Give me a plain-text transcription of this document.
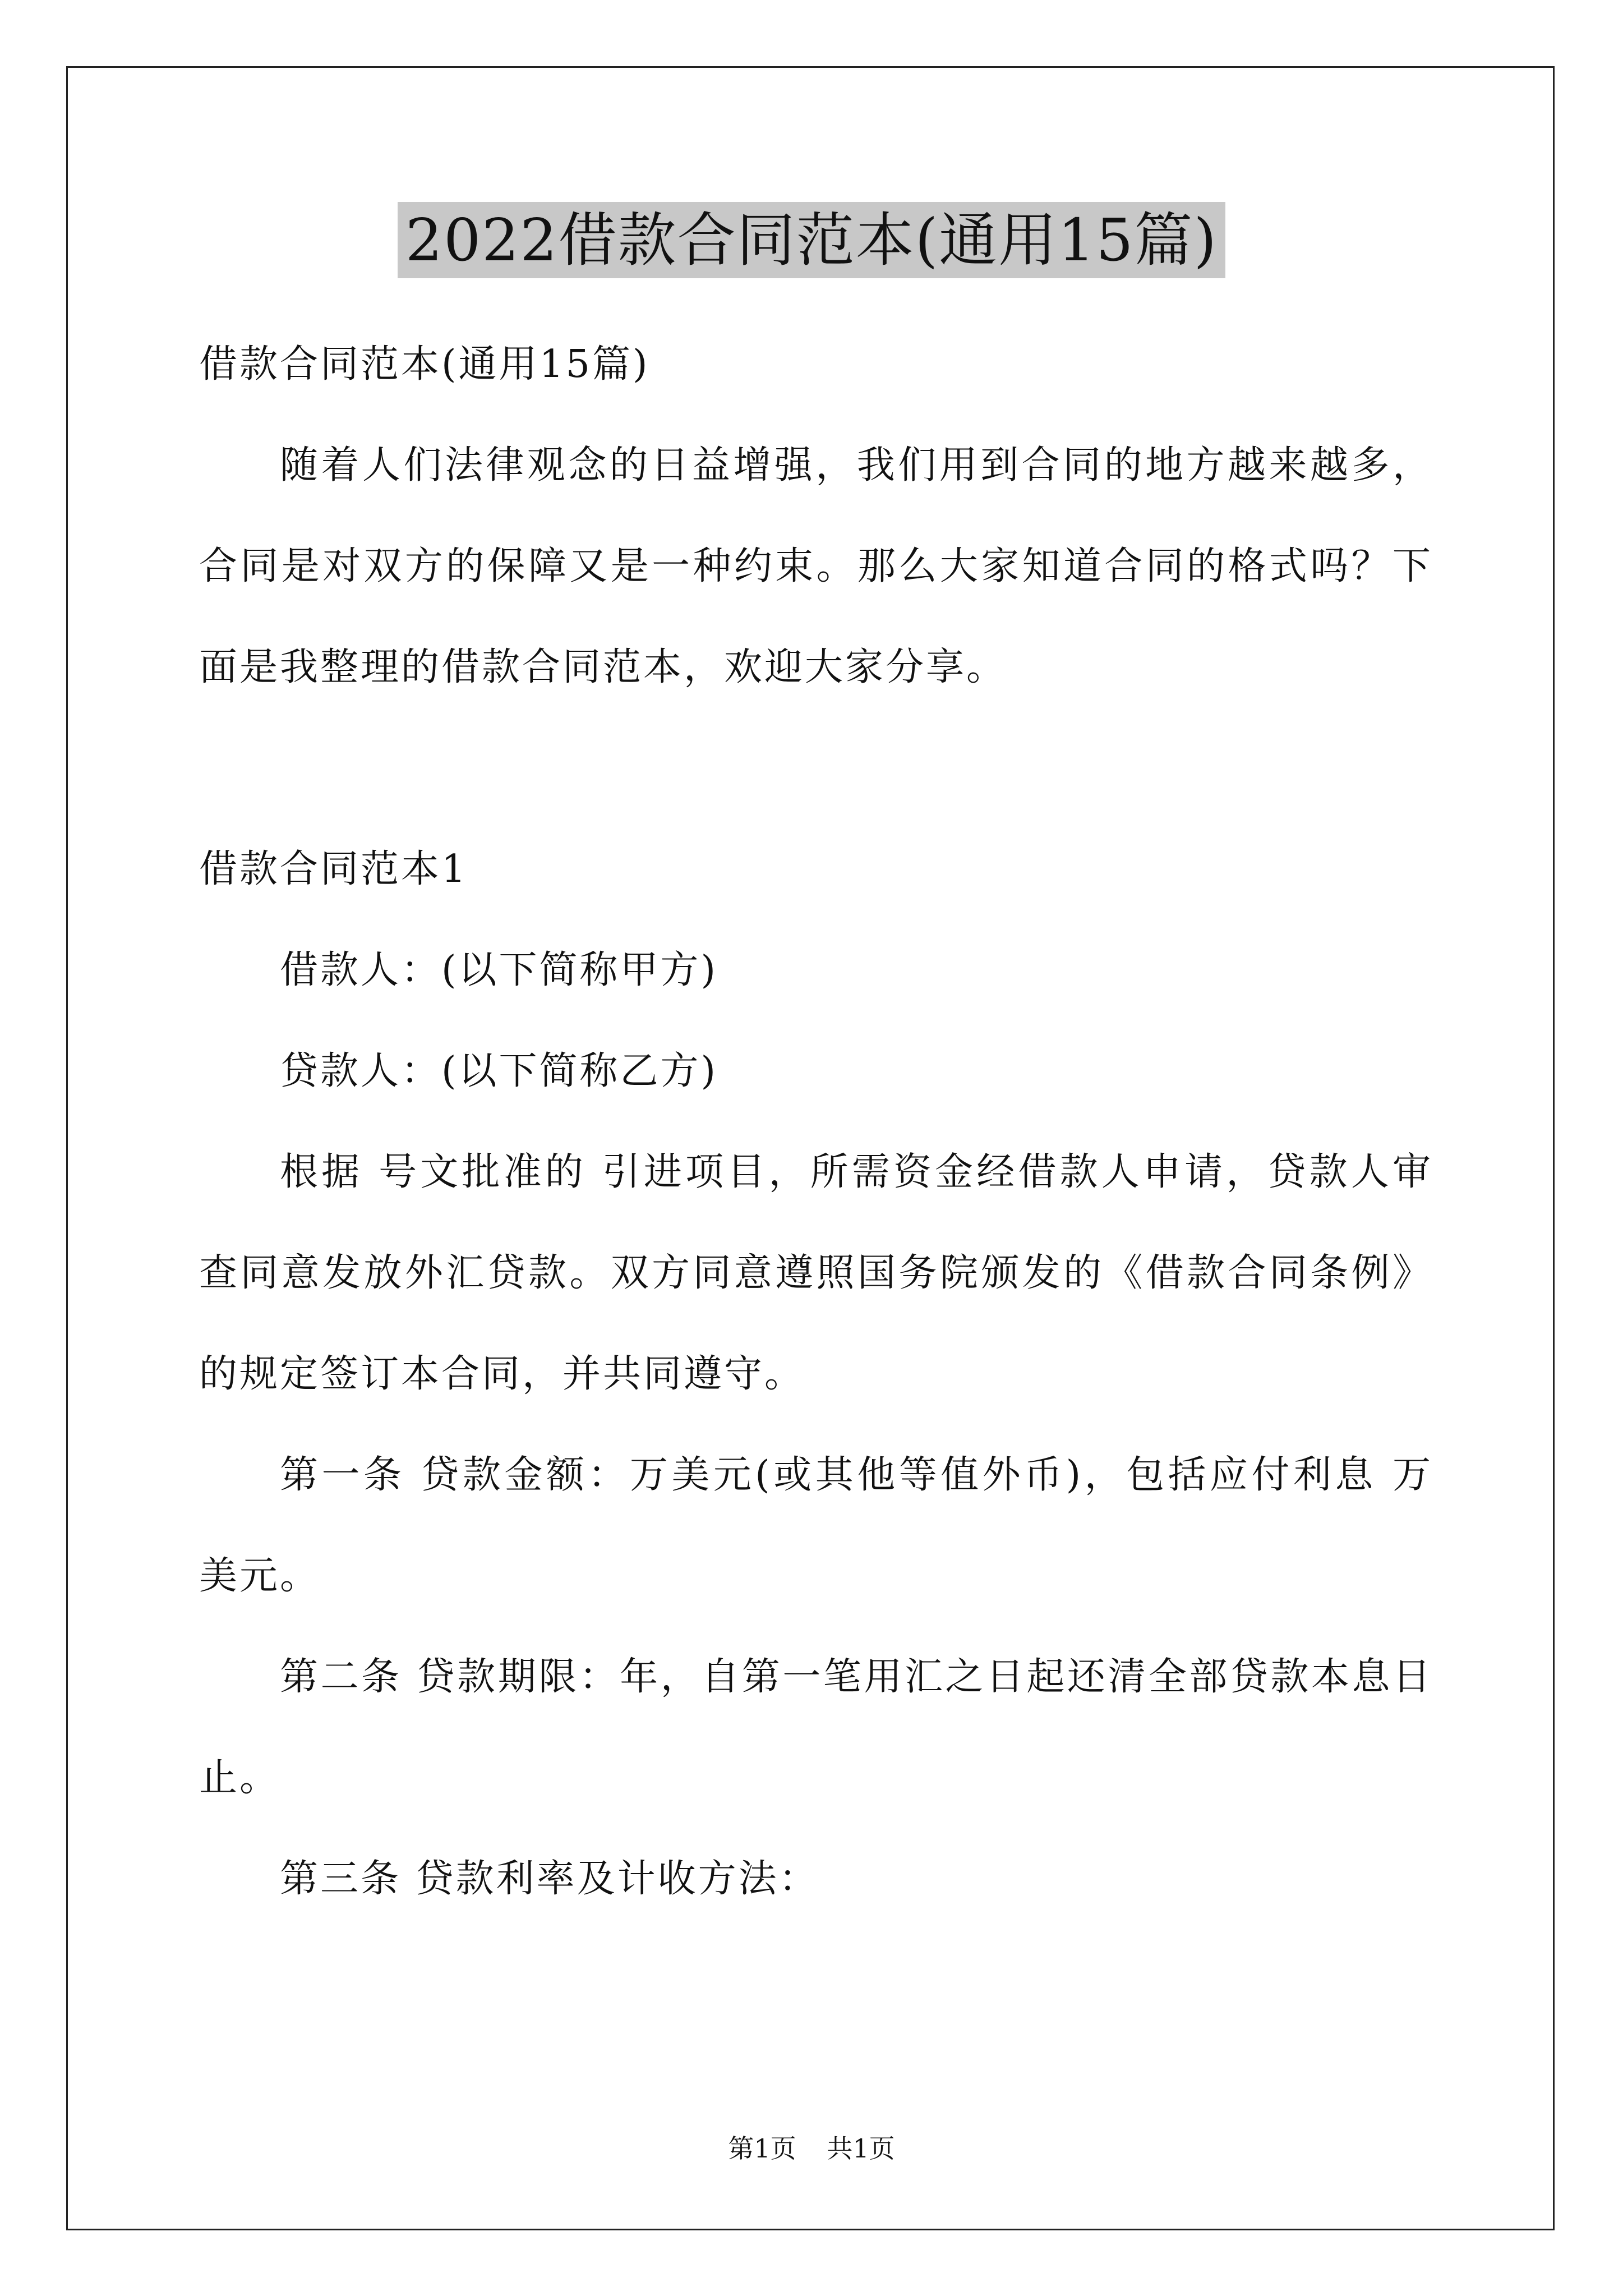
2022借款合同范本(通用15篇)

借款合同范本(通用15篇)

随着人们法律观念的日益增强，我们用到合同的地方越来越多，合同是对双方的保障又是一种约束。那么大家知道合同的格式吗？下面是我整理的借款合同范本，欢迎大家分享。

借款合同范本1

借款人：(以下简称甲方)

贷款人：(以下简称乙方)

根据 号文批准的 引进项目，所需资金经借款人申请，贷款人审查同意发放外汇贷款。双方同意遵照国务院颁发的《借款合同条例》的规定签订本合同，并共同遵守。

第一条 贷款金额：万美元(或其他等值外币)，包括应付利息 万美元。

第二条 贷款期限：年，自第一笔用汇之日起还清全部贷款本息日止。

第三条 贷款利率及计收方法：

第1页 共1页
